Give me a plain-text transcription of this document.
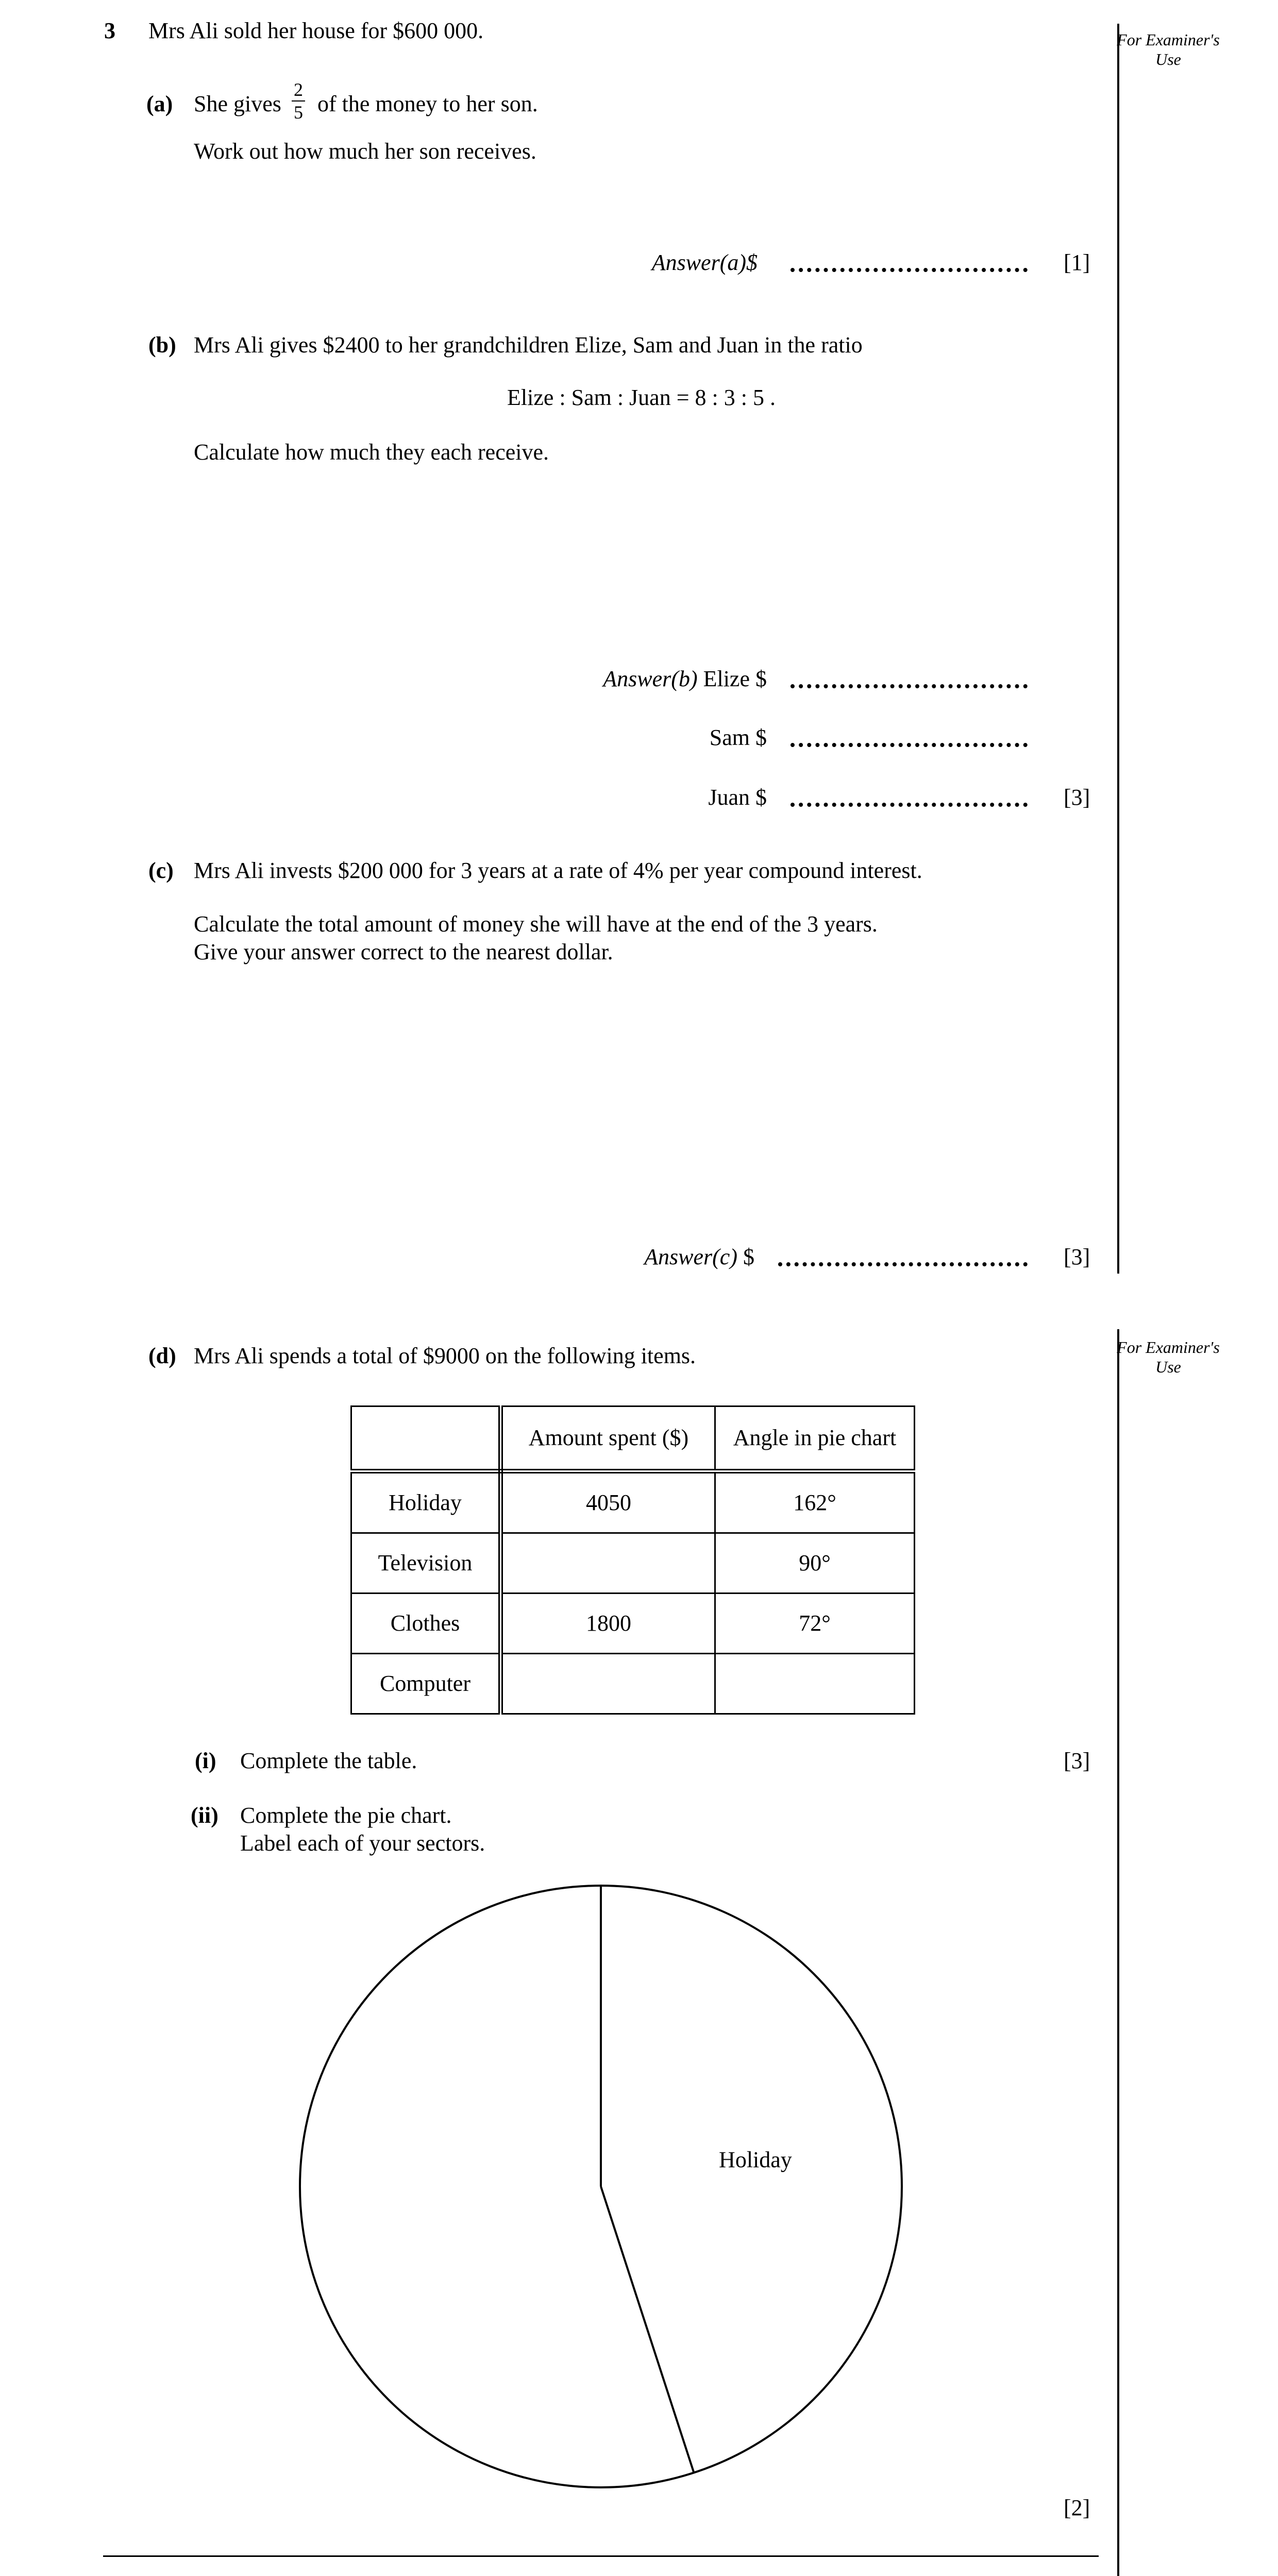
For Examiner's Use
For Examiner's Use
3 Mrs Ali sold her house for $600 000.
(a) She gives
2
5 of the money to her son.
Work out how much her son receives.
Answer(a)$	[1]
(b) Mrs Ali gives $2400 to her grandchildren Elize, Sam and Juan in the ratio
Elize : Sam : Juan = 8 : 3 : 5 .
Calculate how much they each receive.
Answer(b) Elize $
Sam $
Juan $	[3]
(c) Mrs Ali invests $200 000 for 3 years at a rate of 4% per year compound interest.
Calculate the total amount of money she will have at the end of the 3 years.
Give your answer correct to the nearest dollar.
Answer(c) $	[3]
(d) Mrs Ali spends a total of $9000 on the following items.
	Amount spent ($)	Angle in pie chart
Holiday	4050	162°
Television		90°
Clothes	1800	72°
Computer		
(i) Complete the table.	[3]
(ii) Complete the pie chart.
Label each of your sectors.
Holiday
[2]
